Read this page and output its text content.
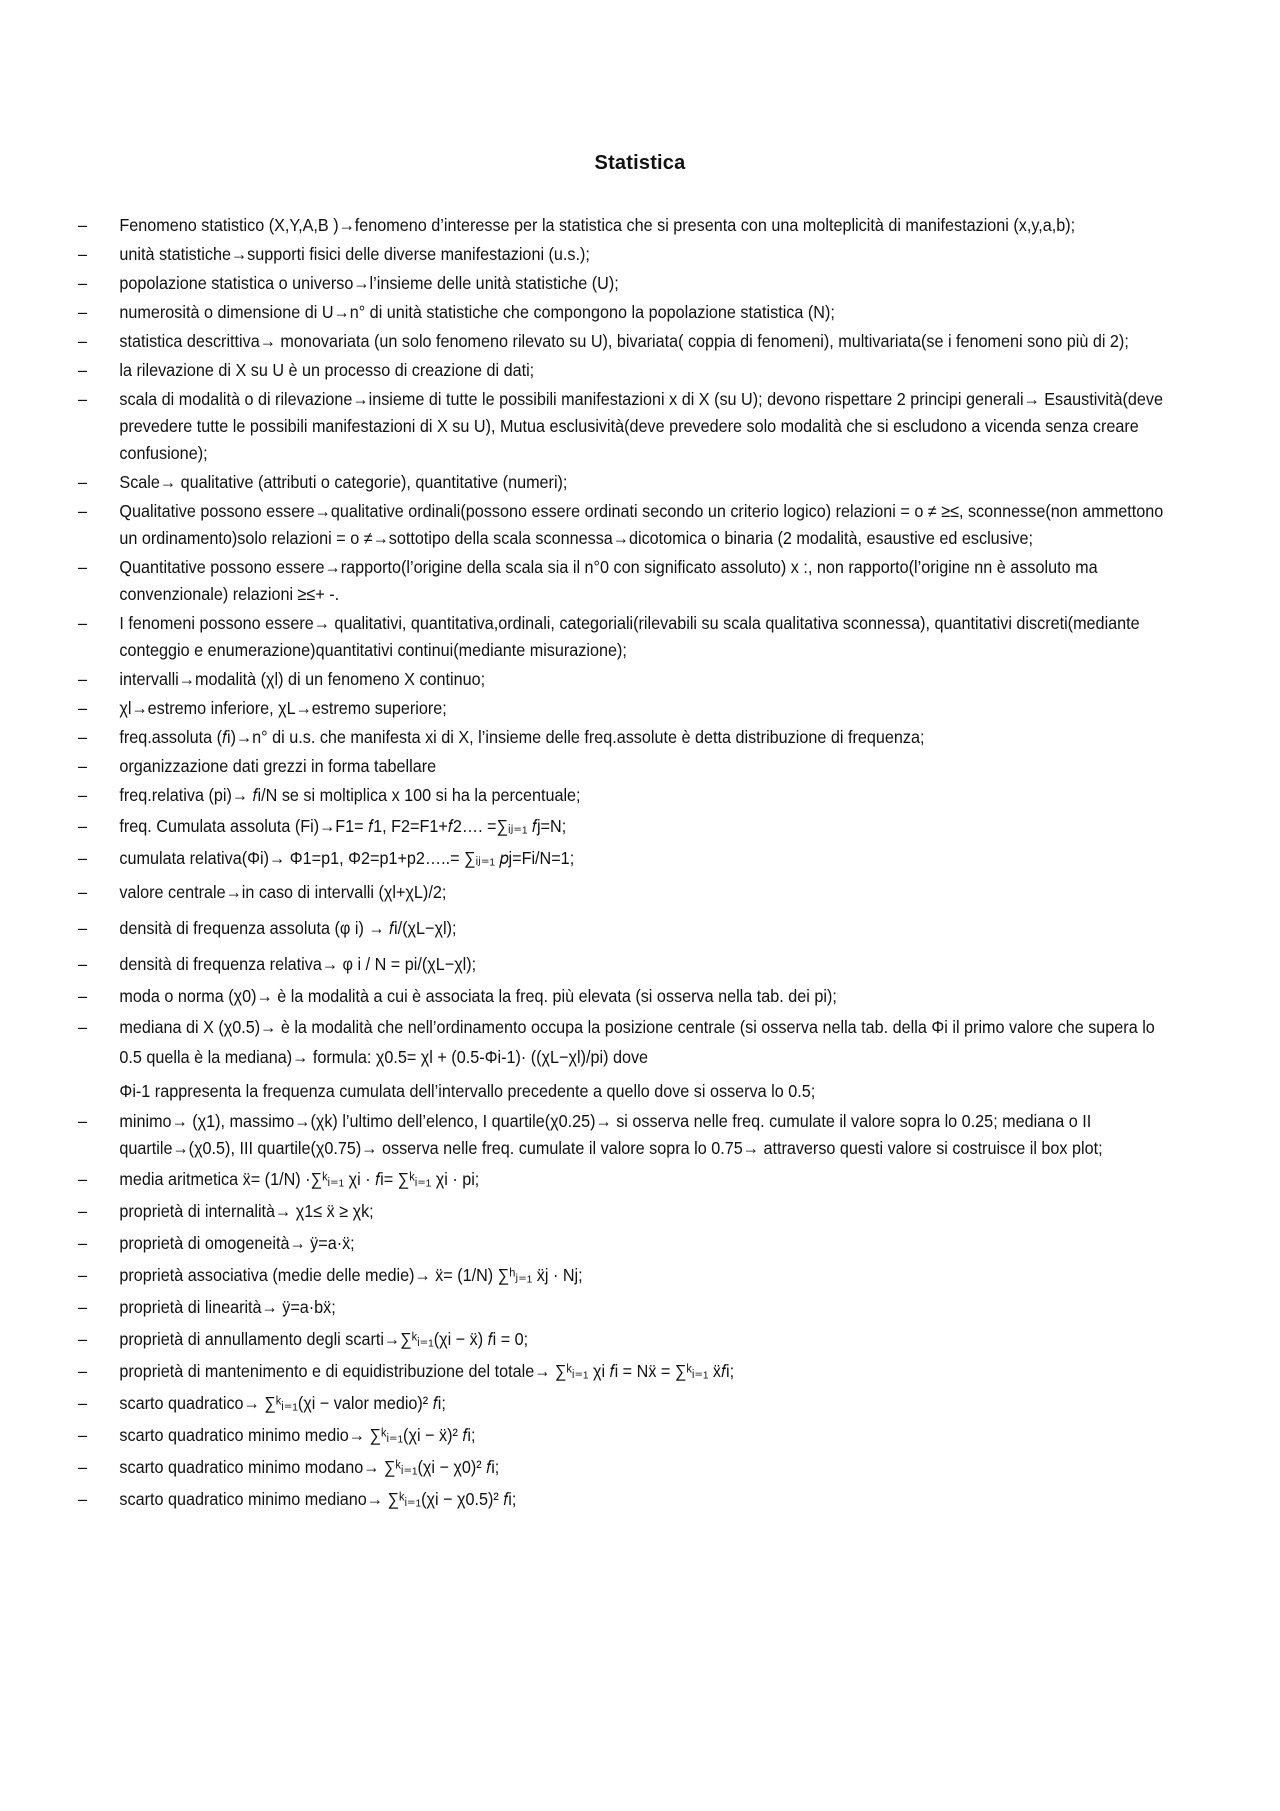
Statistica
–	Fenomeno statistico (X,Y,A,B )→fenomeno d’interesse per la statistica che si presenta con una molteplicità di manifestazioni (x,y,a,b);
–	unità statistiche→supporti fisici delle diverse manifestazioni (u.s.);
–	popolazione statistica o universo→l’insieme delle unità statistiche (U);
–	numerosità o dimensione di U→n° di unità statistiche che compongono la popolazione statistica (N);
–	statistica descrittiva→ monovariata (un solo fenomeno rilevato su U), bivariata( coppia di fenomeni), multivariata(se i fenomeni sono più di 2);
–	la rilevazione di X su U è un processo di creazione di dati;
–	scala di modalità o di rilevazione→insieme di tutte le possibili manifestazioni x di X (su U); devono rispettare 2 principi generali→ Esaustività(deve prevedere tutte le possibili manifestazioni di X su U), Mutua esclusività(deve prevedere solo modalità che si escludono a vicenda senza creare confusione);
–	Scale→ qualitative (attributi o categorie), quantitative (numeri);
–	Qualitative possono essere→qualitative ordinali(possono essere ordinati secondo un criterio logico) relazioni = o ≠ ≥≤, sconnesse(non ammettono un ordinamento)solo relazioni = o ≠→sottotipo della scala sconnessa→dicotomica o binaria (2 modalità, esaustive ed esclusive;
–	Quantitative possono essere→rapporto(l’origine della scala sia il n°0 con significato assoluto) x :, non rapporto(l’origine nn è assoluto ma convenzionale) relazioni ≥≤+ -.
–	I fenomeni possono essere→ qualitativi, quantitativa,ordinali, categoriali(rilevabili su scala qualitativa sconnessa), quantitativi discreti(mediante conteggio e enumerazione)quantitativi continui(mediante misurazione);
–	intervalli→modalità (χl) di un fenomeno X continuo;
–	χl→estremo inferiore, χL→estremo superiore;
–	freq.assoluta (𝑓i)→n° di u.s. che manifesta xi di X, l’insieme delle freq.assolute è detta distribuzione di frequenza;
–	organizzazione dati grezzi in forma tabellare
–	freq.relativa (pi)→ 𝑓i/N se si moltiplica x 100 si ha la percentuale;
–	freq. Cumulata assoluta (Fi)→F1= 𝑓1, F2=F1+𝑓2…. =∑ᵢⱼ₌₁ 𝑓j=N;
–	cumulata relativa(Φi)→ Φ1=p1, Φ2=p1+p2…..= ∑ᵢⱼ₌₁ 𝑝j=Fi/N=1;
–	valore centrale→in caso di intervalli (χl+χL)/2;
–	densità di frequenza assoluta (φ i) → 𝑓i/(χL−χl);
–	densità di frequenza relativa→ φ i / N = pi/(χL−χl);
–	moda o norma (χ0)→ è la modalità a cui è associata la freq. più elevata (si osserva nella tab. dei pi);
–	mediana di X (χ0.5)→ è la modalità che nell’ordinamento occupa la posizione centrale (si osserva nella tab. della Φi il primo valore che supera lo 0.5 quella è la mediana)→ formula: χ0.5= χl + (0.5-Φi-1)· ((χL−χl)/pi) dove
Φi-1 rappresenta la frequenza cumulata dell’intervallo precedente a quello dove si osserva lo 0.5;
–	minimo→ (χ1), massimo→(χk) l’ultimo dell’elenco, I quartile(χ0.25)→ si osserva nelle freq. cumulate il valore sopra lo 0.25; mediana o II quartile→(χ0.5), III quartile(χ0.75)→ osserva nelle freq. cumulate il valore sopra lo 0.75→ attraverso questi valore si costruisce il box plot;
–	media aritmetica ẍ= (1/N) ·∑ᵏᵢ₌₁ χi · 𝑓i= ∑ᵏᵢ₌₁ χi · pi;
–	proprietà di internalità→ χ1≤ ẍ ≥ χk;
–	proprietà di omogeneità→ ÿ=a·ẍ;
–	proprietà associativa (medie delle medie)→ ẍ= (1/N) ∑ʰⱼ₌₁ ẍj · Nj;
–	proprietà di linearità→ ÿ=a·bẍ;
–	proprietà di annullamento degli scarti→∑ᵏᵢ₌₁(χi − ẍ) 𝑓i = 0;
–	proprietà di mantenimento e di equidistribuzione del totale→ ∑ᵏᵢ₌₁ χi 𝑓i = Nẍ = ∑ᵏᵢ₌₁ ẍ𝑓i;
–	scarto quadratico→ ∑ᵏᵢ₌₁(χi − valor medio)² 𝑓i;
–	scarto quadratico minimo medio→ ∑ᵏᵢ₌₁(χi − ẍ)² 𝑓i;
–	scarto quadratico minimo modano→ ∑ᵏᵢ₌₁(χi − χ0)² 𝑓i;
–	scarto quadratico minimo mediano→ ∑ᵏᵢ₌₁(χi − χ0.5)² 𝑓i;
